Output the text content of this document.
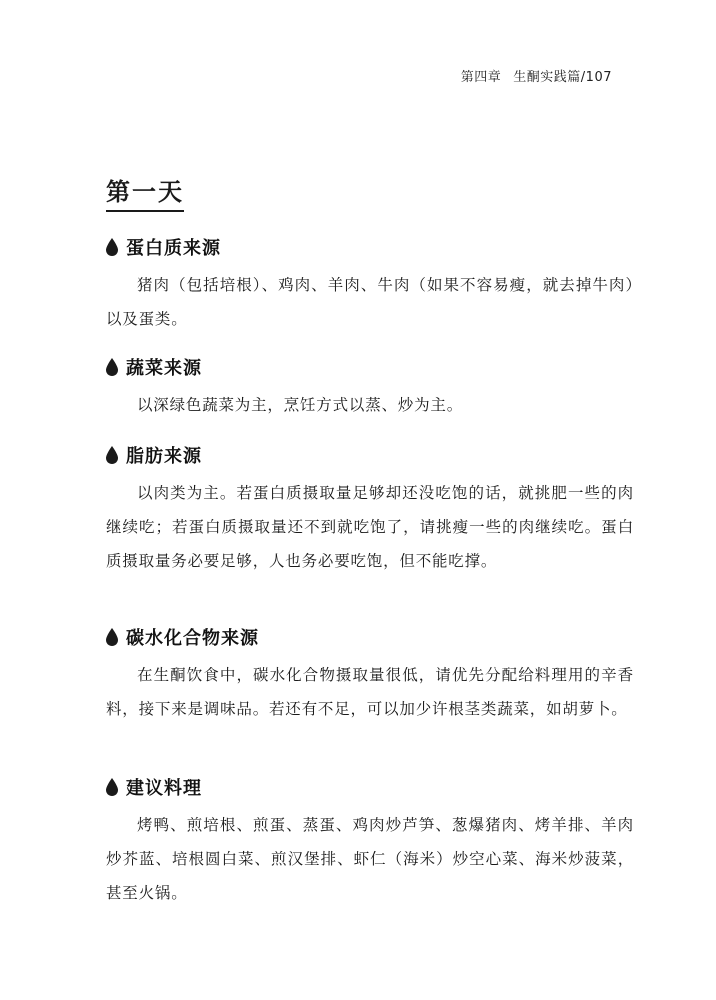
第四章 生酮实践篇/107
第一天
蛋白质来源

猪肉（包括培根）、鸡肉、羊肉、牛肉（如果不容易瘦，就去掉牛肉）以及蛋类。

蔬菜来源

以深绿色蔬菜为主，烹饪方式以蒸、炒为主。

脂肪来源

以肉类为主。若蛋白质摄取量足够却还没吃饱的话，就挑肥一些的肉继续吃；若蛋白质摄取量还不到就吃饱了，请挑瘦一些的肉继续吃。蛋白质摄取量务必要足够，人也务必要吃饱，但不能吃撑。

碳水化合物来源

在生酮饮食中，碳水化合物摄取量很低，请优先分配给料理用的辛香料，接下来是调味品。若还有不足，可以加少许根茎类蔬菜，如胡萝卜。

建议料理

烤鸭、煎培根、煎蛋、蒸蛋、鸡肉炒芦笋、葱爆猪肉、烤羊排、羊肉炒芥蓝、培根圆白菜、煎汉堡排、虾仁（海米）炒空心菜、海米炒菠菜，甚至火锅。
